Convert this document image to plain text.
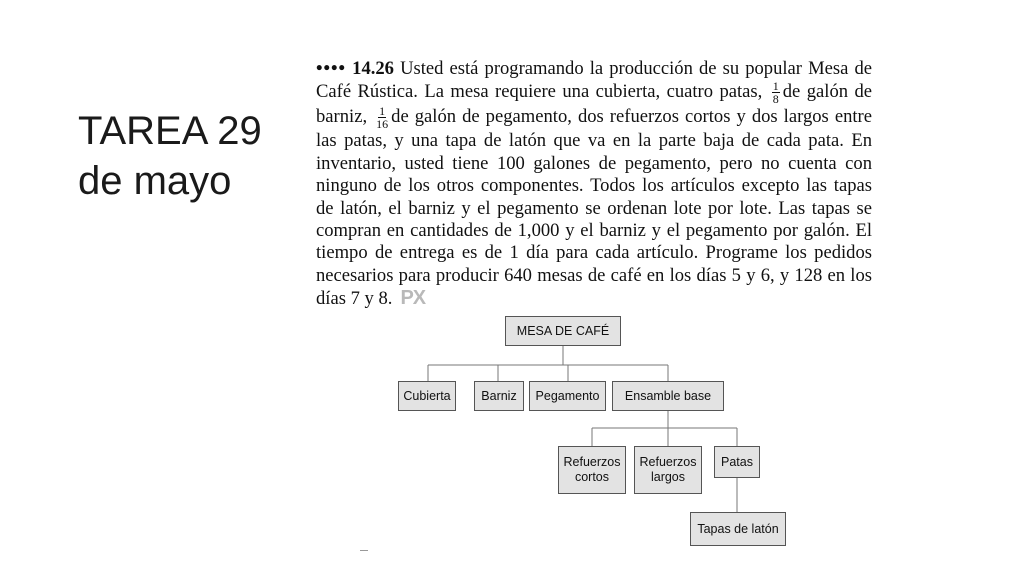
TAREA 29
de mayo

•••• 14.26 Usted está programando la producción de su popular Mesa de Café Rústica. La mesa requiere una cubierta, cuatro patas, $\frac{1}{8}$ de galón de barniz, $\frac{1}{16}$ de galón de pegamento, dos refuerzos cortos y dos largos entre las patas, y una tapa de latón que va en la parte baja de cada pata. En inventario, usted tiene 100 galones de pegamento, pero no cuenta con ninguno de los otros componentes. Todos los artículos excepto las tapas de latón, el barniz y el pegamento se ordenan lote por lote. Las tapas se compran en cantidades de 1,000 y el barniz y el pegamento por galón. El tiempo de entrega es de 1 día para cada artículo. Programe los pedidos necesarios para producir 640 mesas de café en los días 5 y 6, y 128 en los días 7 y 8. PX

MESA DE CAFÉ
Cubierta Barniz Pegamento Ensamble base
Refuerzos
cortos
Refuerzos
largos
Patas
Tapas de latón
